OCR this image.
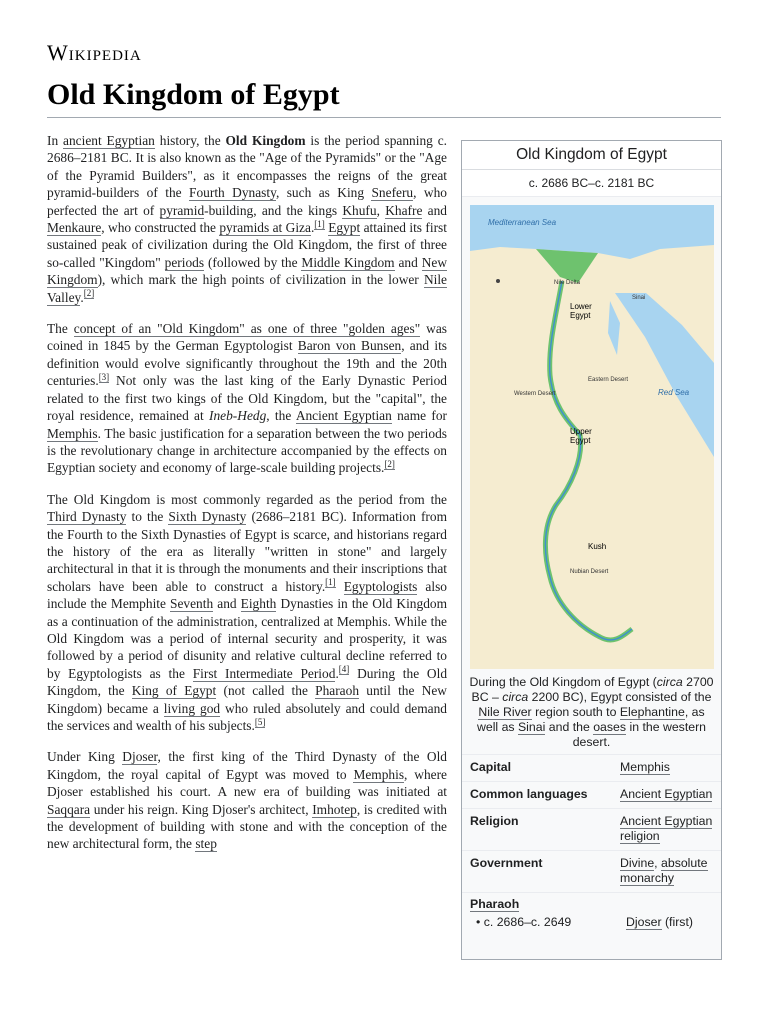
Wikipedia
Old Kingdom of Egypt

In ancient Egyptian history, the Old Kingdom is the period spanning c. 2686–2181 BC. It is also known as the "Age of the Pyramids" or the "Age of the Pyramid Builders", as it encompasses the reigns of the great pyramid-builders of the Fourth Dynasty, such as King Sneferu, who perfected the art of pyramid-building, and the kings Khufu, Khafre and Menkaure, who constructed the pyramids at Giza.[1] Egypt attained its first sustained peak of civilization during the Old Kingdom, the first of three so-called "Kingdom" periods (followed by the Middle Kingdom and New Kingdom), which mark the high points of civilization in the lower Nile Valley.[2]

The concept of an "Old Kingdom" as one of three "golden ages" was coined in 1845 by the German Egyptologist Baron von Bunsen, and its definition would evolve significantly throughout the 19th and the 20th centuries.[3] Not only was the last king of the Early Dynastic Period related to the first two kings of the Old Kingdom, but the "capital", the royal residence, remained at Ineb-Hedg, the Ancient Egyptian name for Memphis. The basic justification for a separation between the two periods is the revolutionary change in architecture accompanied by the effects on Egyptian society and economy of large-scale building projects.[2]

The Old Kingdom is most commonly regarded as the period from the Third Dynasty to the Sixth Dynasty (2686–2181 BC). Information from the Fourth to the Sixth Dynasties of Egypt is scarce, and historians regard the history of the era as literally "written in stone" and largely architectural in that it is through the monuments and their inscriptions that scholars have been able to construct a history.[1] Egyptologists also include the Memphite Seventh and Eighth Dynasties in the Old Kingdom as a continuation of the administration, centralized at Memphis. While the Old Kingdom was a period of internal security and prosperity, it was followed by a period of disunity and relative cultural decline referred to by Egyptologists as the First Intermediate Period.[4] During the Old Kingdom, the King of Egypt (not called the Pharaoh until the New Kingdom) became a living god who ruled absolutely and could demand the services and wealth of his subjects.[5]

Under King Djoser, the first king of the Third Dynasty of the Old Kingdom, the royal capital of Egypt was moved to Memphis, where Djoser established his court. A new era of building was initiated at Saqqara under his reign. King Djoser's architect, Imhotep, is credited with the development of building with stone and with the conception of the new architectural form, the step

Old Kingdom of Egypt
c. 2686 BC–c. 2181 BC
Mediterranean Sea
Nile Delta
Lower
Egypt
Sinai
Eastern Desert
Western Desert	Red Sea
Upper
Egypt
Kush
Nubian Desert
During the Old Kingdom of Egypt (circa 2700 BC – circa 2200 BC), Egypt consisted of the Nile River region south to Elephantine, as well as Sinai and the oases in the western desert.
Capital	Memphis
Common languages	Ancient Egyptian
Religion	Ancient Egyptian religion
Government	Divine, absolute monarchy
Pharaoh
• c. 2686–c. 2649	Djoser (first)
